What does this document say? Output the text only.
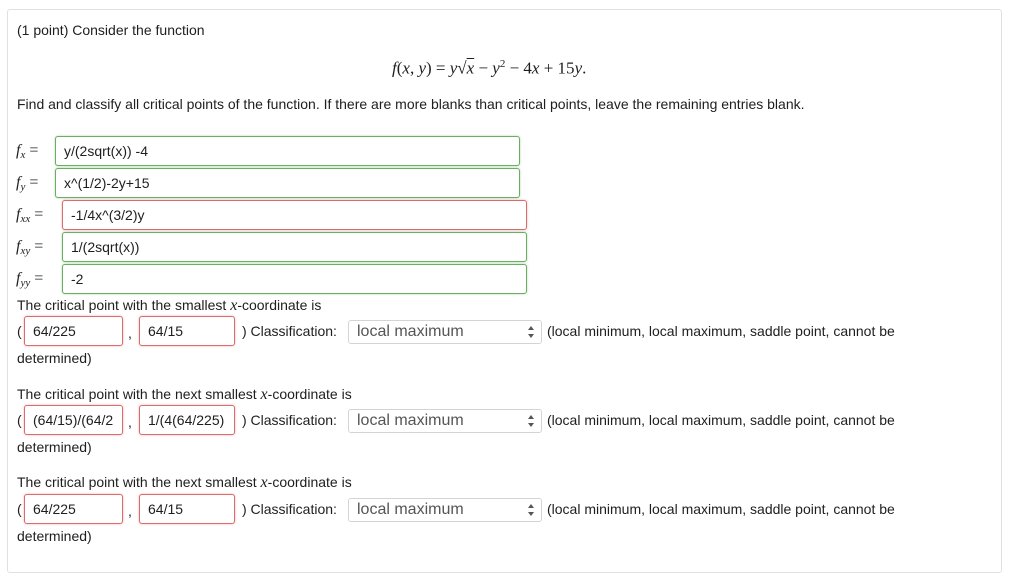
(1 point) Consider the function
f(x, $y) = y√x - y^2 - 4x + 15y$.
Find and classify all critical points of the function. If there are more blanks than critical points, leave the remaining entries blank.
$f_x$ =	y/(2sqrt(x)) -4
$f_y$ =	x^(1/2)-2y+15
$f_{xx}$ =	-1/4x^(3/2)y
$f_{xy}$ =	1/(2sqrt(x))
$f_{yy}$ =	-2
The critical point with the smallest x-coordinate is
( 64/225	,	64/15	) Classification: local maximum	(local minimum, local maximum, saddle point, cannot be
determined)
The critical point with the next smallest x-coordinate is
( (64/15)/(64/2	,	1/(4(64/225)	) Classification: local maximum	(local minimum, local maximum, saddle point, cannot be
determined)
The critical point with the next smallest x-coordinate is
( 64/225	,	64/15	) Classification: local maximum	(local minimum, local maximum, saddle point, cannot be
determined)
